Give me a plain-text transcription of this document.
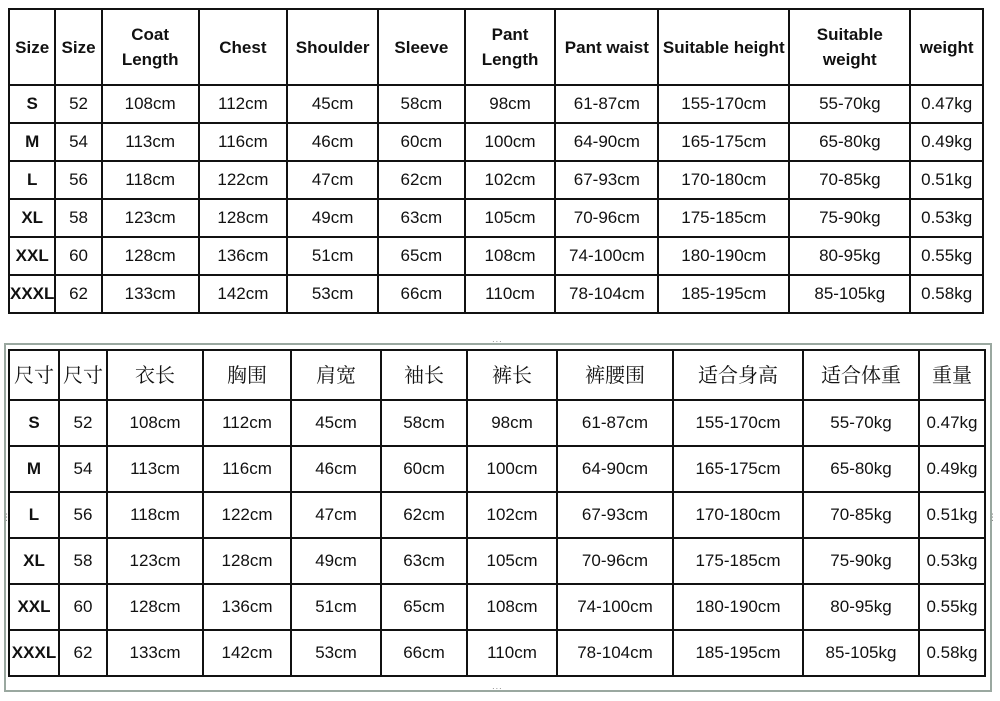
Size	Size	Coat Length	Chest	Shoulder	Sleeve	Pant Length	Pant waist	Suitable height	Suitable weight	weight
S	52	108cm	112cm	45cm	58cm	98cm	61-87cm	155-170cm	55-70kg	0.47kg
M	54	113cm	116cm	46cm	60cm	100cm	64-90cm	165-175cm	65-80kg	0.49kg
L	56	118cm	122cm	47cm	62cm	102cm	67-93cm	170-180cm	70-85kg	0.51kg
XL	58	123cm	128cm	49cm	63cm	105cm	70-96cm	175-185cm	75-90kg	0.53kg
XXL	60	128cm	136cm	51cm	65cm	108cm	74-100cm	180-190cm	80-95kg	0.55kg
XXXL	62	133cm	142cm	53cm	66cm	110cm	78-104cm	185-195cm	85-105kg	0.58kg
∙∙∙
∙∙∙
⋮	⋮
尺寸	尺寸	衣长	胸围	肩宽	袖长	裤长	裤腰围	适合身高	适合体重	重量
S	52	108cm	112cm	45cm	58cm	98cm	61-87cm	155-170cm	55-70kg	0.47kg
M	54	113cm	116cm	46cm	60cm	100cm	64-90cm	165-175cm	65-80kg	0.49kg
L	56	118cm	122cm	47cm	62cm	102cm	67-93cm	170-180cm	70-85kg	0.51kg
XL	58	123cm	128cm	49cm	63cm	105cm	70-96cm	175-185cm	75-90kg	0.53kg
XXL	60	128cm	136cm	51cm	65cm	108cm	74-100cm	180-190cm	80-95kg	0.55kg
XXXL	62	133cm	142cm	53cm	66cm	110cm	78-104cm	185-195cm	85-105kg	0.58kg
